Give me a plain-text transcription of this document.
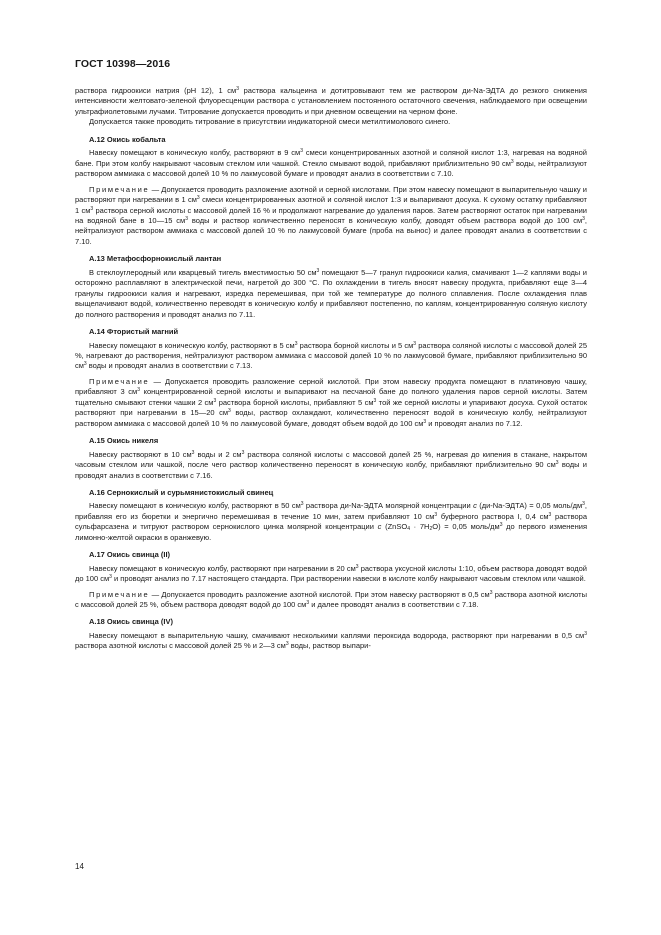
ГОСТ 10398—2016

раствора гидроокиси натрия (рН 12), 1 $см^3$ раствора кальцеина и дотитровывают тем же раствором ди-Na-ЭДТА до резкого снижения интенсивности желтовато-зеленой флуоресценции раствора с установлением постоянного остаточного свечения, наблюдаемого при освещении ультрафиолетовыми лучами. Титрование допускается проводить и при дневном освещении на черном фоне.

Допускается также проводить титрование в присутствии индикаторной смеси метилтимолового синего.

А.12 Окись кобальта

Навеску помещают в коническую колбу, растворяют в 9 $см^3$ смеси концентрированных азотной и соляной кислот 1:3, нагревая на водяной бане. При этом колбу накрывают часовым стеклом или чашкой. Стекло смывают водой, прибавляют приблизительно 90 $см^3$ воды, нейтрализуют раствором аммиака с массовой долей 10 % по лакмусовой бумаге и проводят анализ в соответствии с 7.10.

Примечание — Допускается проводить разложение азотной и серной кислотами. При этом навеску помещают в выпарительную чашку и растворяют при нагревании в 1 $см^3$ смеси концентрированных азотной и соляной кислот 1:3 и выпаривают досуха. К сухому остатку прибавляют 1 $см^3$ раствора серной кислоты с массовой долей 16 % и продолжают нагревание до удаления паров. Затем растворяют остаток при нагревании на водяной бане в 10—15 $см^3$ воды и раствор количественно переносят в коническую колбу, доводят объем раствора водой до 100 $см^3$, нейтрализуют раствором аммиака с массовой долей 10 % по лакмусовой бумаге (проба на вынос) и далее проводят анализ в соответствии с 7.10.

А.13 Метафосфорнокислый лантан

В стеклоуглеродный или кварцевый тигель вместимостью 50 $см^3$ помещают 5—7 гранул гидроокиси калия, смачивают 1—2 каплями воды и осторожно расплавляют в электрической печи, нагретой до 300 °С. По охлаждении в тигель вносят навеску продукта, прибавляют еще 3—4 гранулы гидроокиси калия и нагревают, изредка перемешивая, при той же температуре до полного сплавления. После охлаждения плав выщелачивают водой, количественно переводят в коническую колбу и прибавляют постепенно, по каплям, концентрированную соляную кислоту до полного растворения и проводят анализ по 7.11.

А.14 Фтористый магний

Навеску помещают в коническую колбу, растворяют в 5 $см^3$ раствора борной кислоты и 5 $см^3$ раствора соляной кислоты с массовой долей 25 %, нагревают до растворения, нейтрализуют раствором аммиака с массовой долей 10 % по лакмусовой бумаге, прибавляют приблизительно 90 $см^3$ воды и проводят анализ в соответствии с 7.13.

Примечание — Допускается проводить разложение серной кислотой. При этом навеску продукта помещают в платиновую чашку, прибавляют 3 $см^3$ концентрированной серной кислоты и выпаривают на песчаной бане до полного удаления паров серной кислоты. Затем тщательно смывают стенки чашки 2 $см^3$ раствора борной кислоты, прибавляют 5 $см^3$ той же серной кислоты и упаривают досуха. Сухой остаток растворяют при нагревании в 15—20 $см^3$ воды, раствор охлаждают, количественно переносят водой в коническую колбу, нейтрализуют раствором аммиака с массовой долей 10 % по лакмусовой бумаге, доводят объем водой до 100 $см^3$ и проводят анализ по 7.12.

А.15 Окись никеля

Навеску растворяют в 10 $см^3$ воды и 2 $см^3$ раствора соляной кислоты с массовой долей 25 %, нагревая до кипения в стакане, накрытом часовым стеклом или чашкой, после чего раствор количественно переносят в коническую колбу, прибавляют приблизительно 90 $см^3$ воды и проводят анализ в соответствии с 7.16.

А.16 Сернокислый и сурьмянистокислый свинец

Навеску помещают в коническую колбу, растворяют в 50 $см^3$ раствора ди-Na-ЭДТА молярной концентрации с (ди-Na-ЭДТА) = 0,05 моль/$дм^3$, прибавляя его из бюретки и энергично перемешивая в течение 10 мин, затем прибавляют 10 $см^3$ буферного раствора I, 0,4 $см^3$ раствора сульфарсазена и титруют раствором сернокислого цинка молярной концентрации с (ZnSO$_4$ · $7H_2O) = 0,05$ моль/$дм^3$ до первого изменения лимонно-желтой окраски в оранжевую.

А.17 Окись свинца (II)

Навеску помещают в коническую колбу, растворяют при нагревании в 20 $см^3$ раствора уксусной кислоты 1:10, объем раствора доводят водой до 100 $см^3$ и проводят анализ по 7.17 настоящего стандарта. При растворении навески в кислоте колбу накрывают часовым стеклом или чашкой.

Примечание — Допускается проводить разложение азотной кислотой. При этом навеску растворяют в 0,5 $см^3$ раствора азотной кислоты с массовой долей 25 %, объем раствора доводят водой до 100 $см^3$ и далее проводят анализ в соответствии с 7.18.

А.18 Окись свинца (IV)

Навеску помещают в выпарительную чашку, смачивают несколькими каплями пероксида водорода, растворяют при нагревании в 0,5 $см^3$ раствора азотной кислоты с массовой долей 25 % и 2—3 $см^3$ воды, раствор выпари-

14
